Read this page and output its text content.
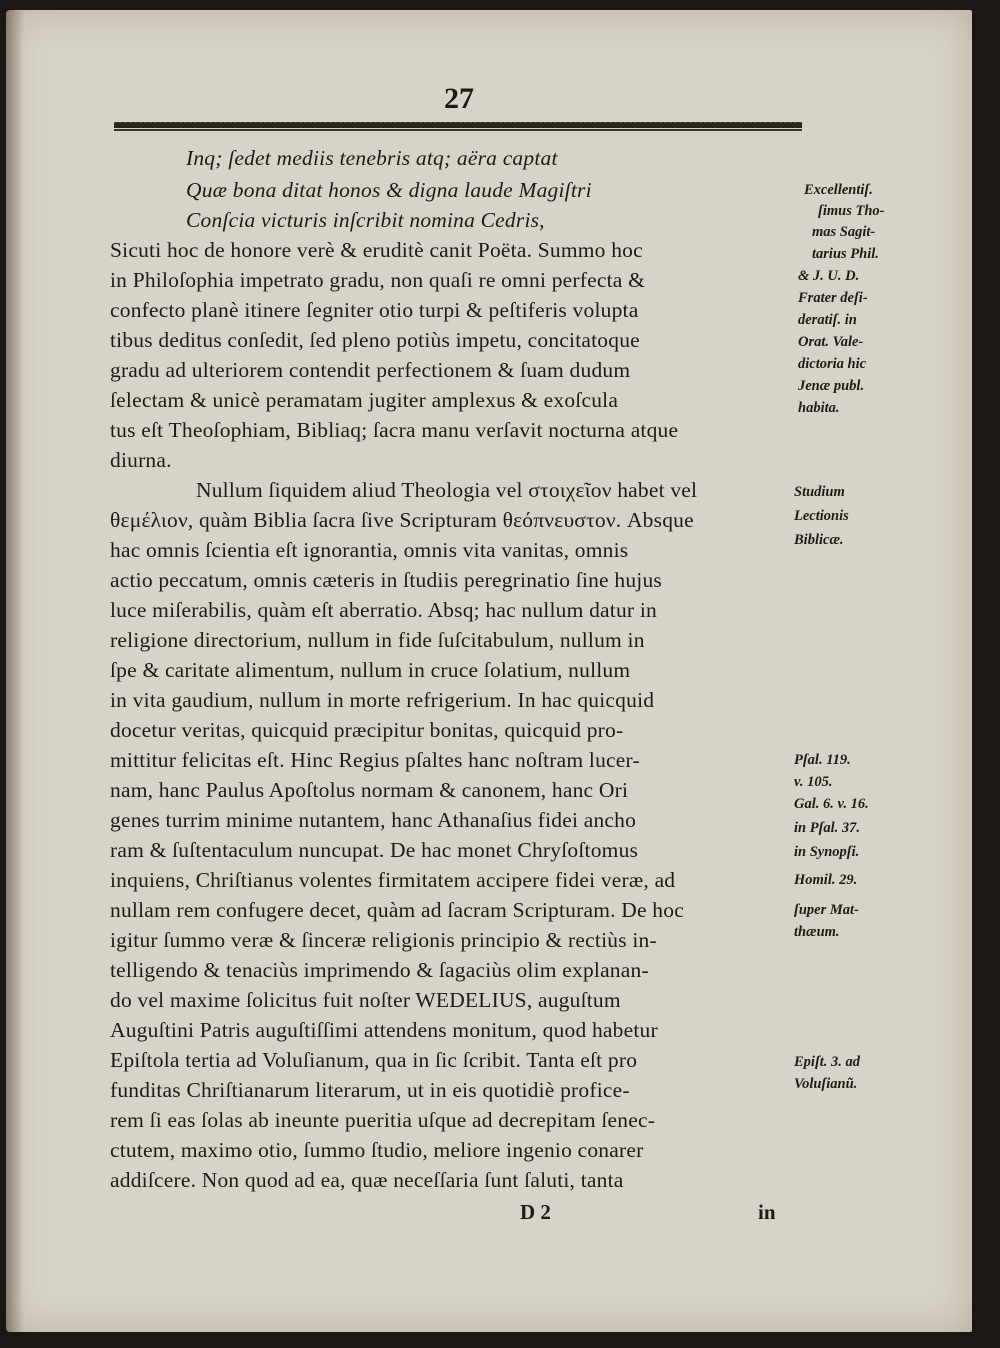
27
Inq; ſedet mediis tenebris atq; aëra captat
Quæ bona ditat honos & digna laude Magiſtri
Conſcia victuris inſcribit nomina Cedris,
Sicuti hoc de honore verè & eruditè canit Poëta. Summo hoc
in Philoſophia impetrato gradu, non quaſi re omni perfecta &
confecto planè itinere ſegniter otio turpi & peſtiferis volupta
tibus deditus conſedit, ſed pleno potiùs impetu, concitatoque
gradu ad ulteriorem contendit perfectionem & ſuam dudum
ſelectam & unicè peramatam jugiter amplexus & exoſcula
tus eſt Theoſophiam, Bibliaq; ſacra manu verſavit nocturna atque
diurna.
Nullum ſiquidem aliud Theologia vel στοιχεῖον habet vel
θεμέλιον, quàm Biblia ſacra ſive Scripturam θεόπνευστον. Absque
hac omnis ſcientia eſt ignorantia, omnis vita vanitas, omnis
actio peccatum, omnis cæteris in ſtudiis peregrinatio ſine hujus
luce miſerabilis, quàm eſt aberratio. Absq; hac nullum datur in
religione directorium, nullum in fide ſuſcitabulum, nullum in
ſpe & caritate alimentum, nullum in cruce ſolatium, nullum
in vita gaudium, nullum in morte refrigerium. In hac quicquid
docetur veritas, quicquid præcipitur bonitas, quicquid pro-
mittitur felicitas eſt. Hinc Regius pſaltes hanc noſtram lucer-
nam, hanc Paulus Apoſtolus normam & canonem, hanc Ori
genes turrim minime nutantem, hanc Athanaſius fidei ancho
ram & ſuſtentaculum nuncupat. De hac monet Chryſoſtomus
inquiens, Chriſtianus volentes firmitatem accipere fidei veræ, ad
nullam rem confugere decet, quàm ad ſacram Scripturam. De hoc
igitur ſummo veræ & ſinceræ religionis principio & rectiùs in-
telligendo & tenaciùs imprimendo & ſagaciùs olim explanan-
do vel maxime ſolicitus fuit noſter WEDELIUS, auguſtum
Auguſtini Patris auguſtiſſimi attendens monitum, quod habetur
Epiſtola tertia ad Voluſianum, qua in ſic ſcribit. Tanta eſt pro
funditas Chriſtianarum literarum, ut in eis quotidiè profice-
rem ſi eas ſolas ab ineunte pueritia uſque ad decrepitam ſenec-
ctutem, maximo otio, ſummo ſtudio, meliore ingenio conarer
addiſcere. Non quod ad ea, quæ neceſſaria ſunt ſaluti, tanta
Excellentiſ.
ſimus Tho-
mas Sagit-
tarius Phil.
& J. U. D.
Frater deſi-
deratiſ. in
Orat. Vale-
dictoria hic
Jenæ publ.
habita.
Studium
Lectionis
Biblicæ.
Pſal. 119.
v. 105.
Gal. 6. v. 16.
in Pſal. 37.
in Synopſi.
Homil. 29.
ſuper Mat-
thæum.
Epiſt. 3. ad
Voluſianũ.
D 2	in
